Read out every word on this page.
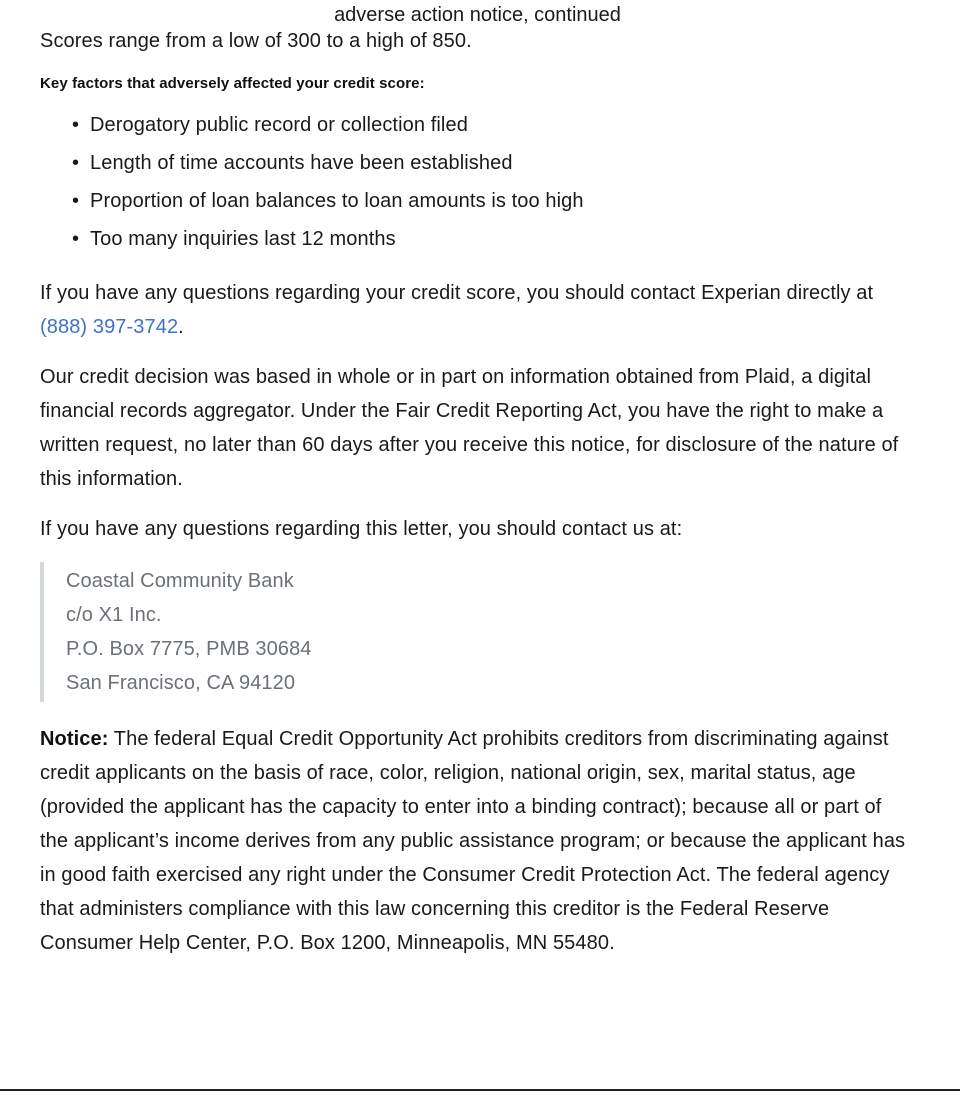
adverse action notice, continued

Scores range from a low of 300 to a high of 850.

Key factors that adversely affected your credit score:
• Derogatory public record or collection filed
• Length of time accounts have been established
• Proportion of loan balances to loan amounts is too high
• Too many inquiries last 12 months

If you have any questions regarding your credit score, you should contact Experian directly at (888) 397-3742.

Our credit decision was based in whole or in part on information obtained from Plaid, a digital financial records aggregator. Under the Fair Credit Reporting Act, you have the right to make a written request, no later than 60 days after you receive this notice, for disclosure of the nature of this information.

If you have any questions regarding this letter, you should contact us at:

Coastal Community Bank
c/o X1 Inc.
P.O. Box 7775, PMB 30684
San Francisco, CA 94120

Notice: The federal Equal Credit Opportunity Act prohibits creditors from discriminating against credit applicants on the basis of race, color, religion, national origin, sex, marital status, age (provided the applicant has the capacity to enter into a binding contract); because all or part of the applicant’s income derives from any public assistance program; or because the applicant has in good faith exercised any right under the Consumer Credit Protection Act. The federal agency that administers compliance with this law concerning this creditor is the Federal Reserve Consumer Help Center, P.O. Box 1200, Minneapolis, MN 55480.
